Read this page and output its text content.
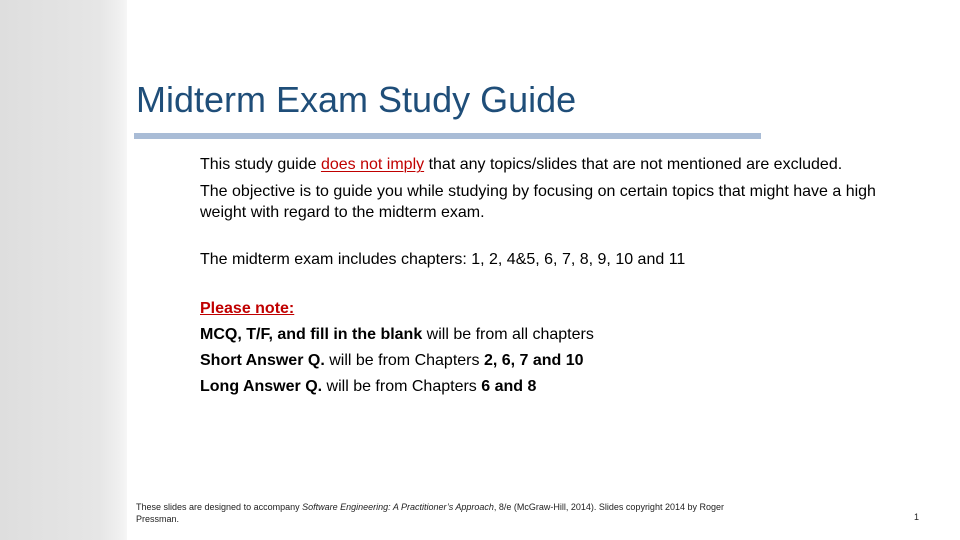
Midterm Exam Study Guide

This study guide does not imply that any topics/slides that are not mentioned are excluded.

The objective is to guide you while studying by focusing on certain topics that might have a high weight with regard to the midterm exam.

The midterm exam includes chapters: 1, 2, 4&5, 6, 7, 8, 9, 10 and 11

Please note:
MCQ, T/F, and fill in the blank will be from all chapters
Short Answer Q. will be from Chapters 2, 6, 7 and 10
Long Answer Q. will be from Chapters 6 and 8
These slides are designed to accompany Software Engineering: A Practitioner’s Approach, 8/e (McGraw-Hill, 2014). Slides copyright 2014 by Roger Pressman.	1
